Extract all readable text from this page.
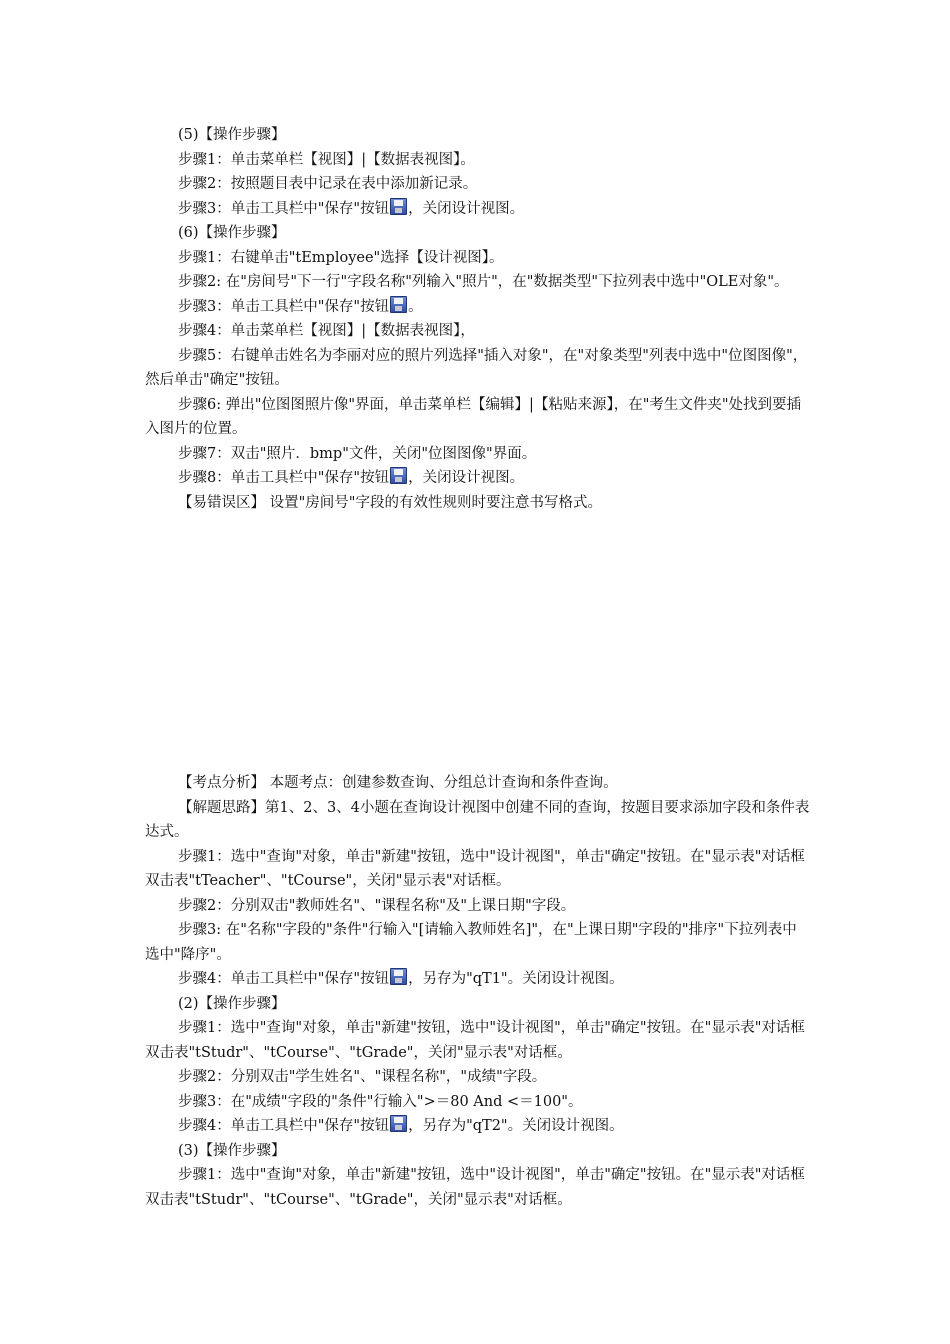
(5)【操作步骤】

步骤1：单击菜单栏【视图】|【数据表视图】。

步骤2：按照题目表中记录在表中添加新记录。

步骤3：单击工具栏中"保存"按钮 ，关闭设计视图。

(6)【操作步骤】

步骤1：右键单击"tEmployee"选择【设计视图】。

步骤2: 在"房间号"下一行"字段名称"列输入"照片"，在"数据类型"下拉列表中选中"OLE对象"。

步骤3：单击工具栏中"保存"按钮 。

步骤4：单击菜单栏【视图】|【数据表视图】，

步骤5：右键单击姓名为李丽对应的照片列选择"插入对象"，在"对象类型"列表中选中"位图图像"，然后单击"确定"按钮。

步骤6: 弹出"位图图照片像"界面，单击菜单栏【编辑】|【粘贴来源】，在"考生文件夹"处找到要插入图片的位置。

步骤7：双击"照片．bmp"文件，关闭"位图图像"界面。

步骤8：单击工具栏中"保存"按钮 ，关闭设计视图。

【易错误区】 设置"房间号"字段的有效性规则时要注意书写格式。

【考点分析】 本题考点：创建参数查询、分组总计查询和条件查询。

【解题思路】第1、2、3、4小题在查询设计视图中创建不同的查询，按题目要求添加字段和条件表达式。

步骤1：选中"查询"对象，单击"新建"按钮，选中"设计视图"，单击"确定"按钮。在"显示表"对话框双击表"tTeacher"、"tCourse"，关闭"显示表"对话框。

步骤2：分别双击"教师姓名"、"课程名称"及"上课日期"字段。

步骤3: 在"名称"字段的"条件"行输入"[请输入教师姓名]"，在"上课日期"字段的"排序"下拉列表中选中"降序"。

步骤4：单击工具栏中"保存"按钮 ，另存为"qT1"。关闭设计视图。

(2)【操作步骤】

步骤1：选中"查询"对象，单击"新建"按钮，选中"设计视图"，单击"确定"按钮。在"显示表"对话框双击表"tStudr"、"tCourse"、"tGrade"，关闭"显示表"对话框。

步骤2：分别双击"学生姓名"、"课程名称"，"成绩"字段。

步骤3：在"成绩"字段的"条件"行输入">＝80 And <＝100"。

步骤4：单击工具栏中"保存"按钮 ，另存为"qT2"。关闭设计视图。

(3)【操作步骤】

步骤1：选中"查询"对象，单击"新建"按钮，选中"设计视图"，单击"确定"按钮。在"显示表"对话框双击表"tStudr"、"tCourse"、"tGrade"，关闭"显示表"对话框。
